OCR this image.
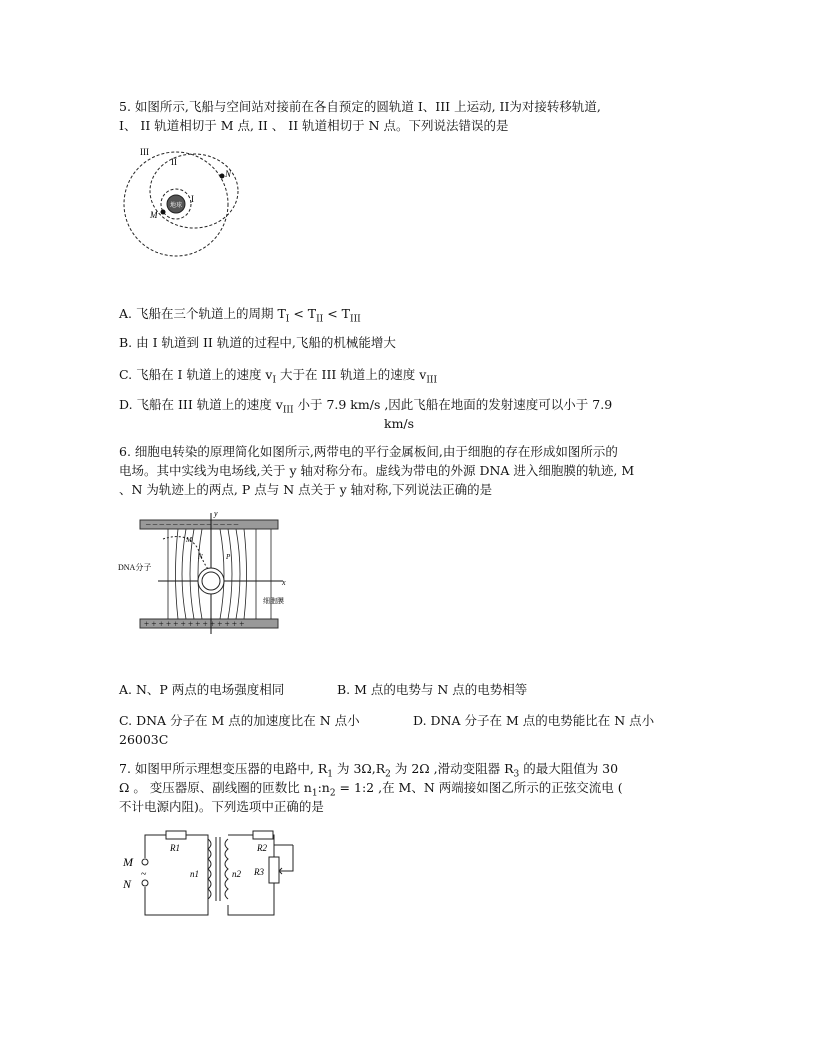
5. 如图所示,飞船与空间站对接前在各自预定的圆轨道 I、III 上运动, II为对接转移轨道,
I、 II 轨道相切于 M 点, II 、 II 轨道相切于 N 点。下列说法错误的是
地球
III
II
I
N
M
A. 飞船在三个轨道上的周期 $T_I < T_{II} < T_{III}$
B. 由 I 轨道到 II 轨道的过程中,飞船的机械能增大
C. 飞船在 I 轨道上的速度 $v_I$ 大于在 III 轨道上的速度 $v_{III}$
D. 飞船在 III 轨道上的速度 $v_{III}$ 小于 7.9 km/s ,因此飞船在地面的发射速度可以小于 7.9
km/s
6. 细胞电转染的原理简化如图所示,两带电的平行金属板间,由于细胞的存在形成如图所示的
电场。其中实线为电场线,关于 y 轴对称分布。虚线为带电的外源 DNA 进入细胞膜的轨迹, M
、N 为轨迹上的两点, P 点与 N 点关于 y 轴对称,下列说法正确的是
– – – – – – – – – – – – – –
+ + + + + + + + + + + + + +
y
x
M
N	P
DNA分子
细胞膜
A. N、P 两点的电场强度相同	B. M 点的电势与 N 点的电势相等
C. DNA 分子在 M 点的加速度比在 N 点小	D. DNA 分子在 M 点的电势能比在 N 点小
26003C
7. 如图甲所示理想变压器的电路中, $R_1$ 为 $3\Omega,R_2$ 为 2Ω ,滑动变阻器 $R_3$ 的最大阻值为 30
Ω 。 变压器原、副线圈的匝数比 $n_1:n_2$ = 1:2 ,在 M、N 两端接如图乙所示的正弦交流电 (
不计电源内阻)。下列选项中正确的是
M
N
~
R1	R2
R3
n1	n2
